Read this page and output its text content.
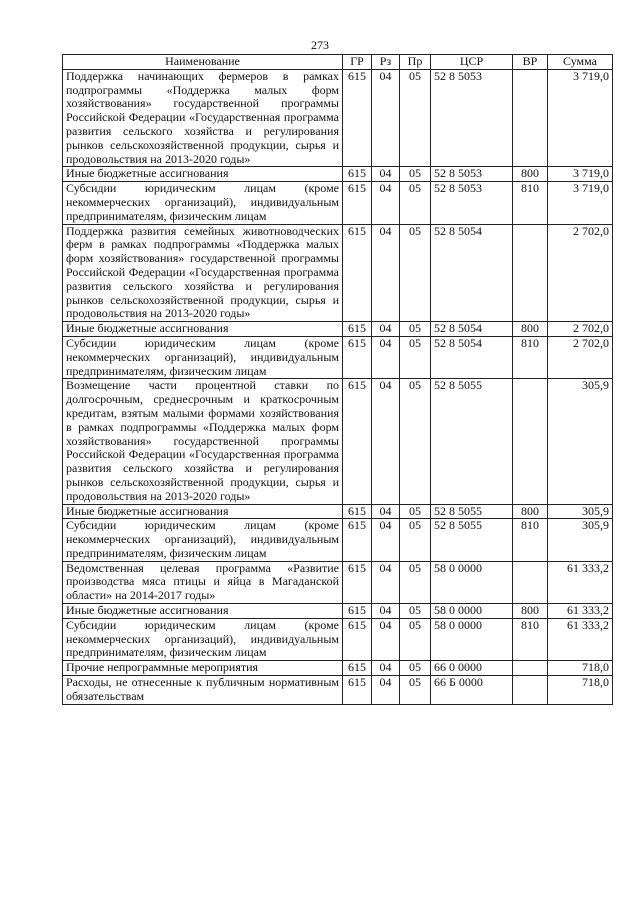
273
Наименование	ГР	Рз	Пр	ЦСР	ВР	Сумма
Поддержка начинающих фермеров в рамках подпрограммы «Поддержка малых форм хозяйствования» государственной программы Российской Федерации «Государственная программа развития сельского хозяйства и регулирования рынков сельскохозяйственной продукции, сырья и продовольствия на 2013-2020 годы»	615	04	05	52 8 5053		3 719,0
Иные бюджетные ассигнования	615	04	05	52 8 5053	800	3 719,0
Субсидии юридическим лицам (кроме некоммерческих организаций), индивидуальным предпринимателям, физическим лицам	615	04	05	52 8 5053	810	3 719,0
Поддержка развития семейных животноводческих ферм в рамках подпрограммы «Поддержка малых форм хозяйствования» государственной программы Российской Федерации «Государственная программа развития сельского хозяйства и регулирования рынков сельскохозяйственной продукции, сырья и продовольствия на 2013-2020 годы»	615	04	05	52 8 5054		2 702,0
Иные бюджетные ассигнования	615	04	05	52 8 5054	800	2 702,0
Субсидии юридическим лицам (кроме некоммерческих организаций), индивидуальным предпринимателям, физическим лицам	615	04	05	52 8 5054	810	2 702,0
Возмещение части процентной ставки по долгосрочным, среднесрочным и краткосрочным кредитам, взятым малыми формами хозяйствования в рамках подпрограммы «Поддержка малых форм хозяйствования» государственной программы Российской Федерации «Государственная программа развития сельского хозяйства и регулирования рынков сельскохозяйственной продукции, сырья и продовольствия на 2013-2020 годы»	615	04	05	52 8 5055		305,9
Иные бюджетные ассигнования	615	04	05	52 8 5055	800	305,9
Субсидии юридическим лицам (кроме некоммерческих организаций), индивидуальным предпринимателям, физическим лицам	615	04	05	52 8 5055	810	305,9
Ведомственная целевая программа «Развитие производства мяса птицы и яйца в Магаданской области» на 2014-2017 годы»	615	04	05	58 0 0000		61 333,2
Иные бюджетные ассигнования	615	04	05	58 0 0000	800	61 333,2
Субсидии юридическим лицам (кроме некоммерческих организаций), индивидуальным предпринимателям, физическим лицам	615	04	05	58 0 0000	810	61 333,2
Прочие непрограммные мероприятия	615	04	05	66 0 0000		718,0
Расходы, не отнесенные к публичным нормативным обязательствам	615	04	05	66 Б 0000		718,0
